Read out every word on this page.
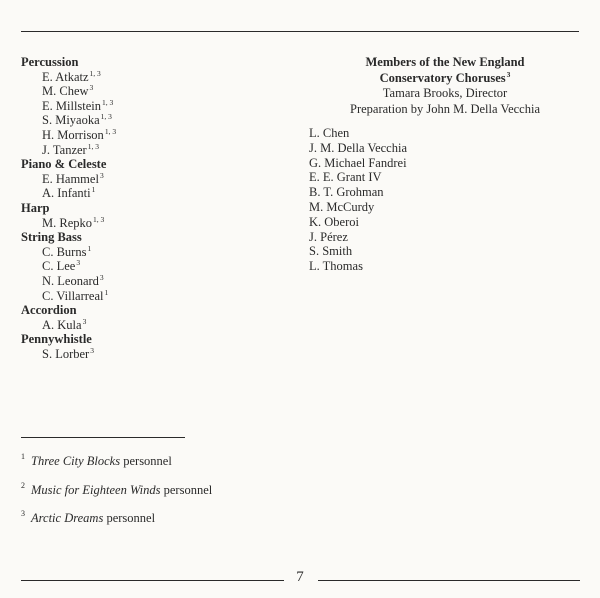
Percussion
E. Atkatz$^{1, 3}$
M. Chew$^3$
E. Millstein$^{1, 3}$
S. Miyaoka$^{1, 3}$
H. Morrison$^{1, 3}$
J. Tanzer$^{1, 3}$
Piano & Celeste
E. Hammel$^3$
A. Infanti$^1$
Harp
M. Repko$^{1, 3}$
String Bass
C. Burns$^1$
C. Lee$^3$
N. Leonard$^3$
C. Villarreal$^1$
Accordion
A. Kula$^3$
Pennywhistle
S. Lorber$^3$
Members of the New England
Conservatory Choruses$^3$
Tamara Brooks, Director
Preparation by John M. Della Vecchia
L. Chen
J. M. Della Vecchia
G. Michael Fandrei
E. E. Grant IV
B. T. Grohman
M. McCurdy
K. Oberoi
J. Pérez
S. Smith
L. Thomas
$^1$ Three City Blocks personnel
$^2$ Music for Eighteen Winds personnel
$^3$ Arctic Dreams personnel
7
